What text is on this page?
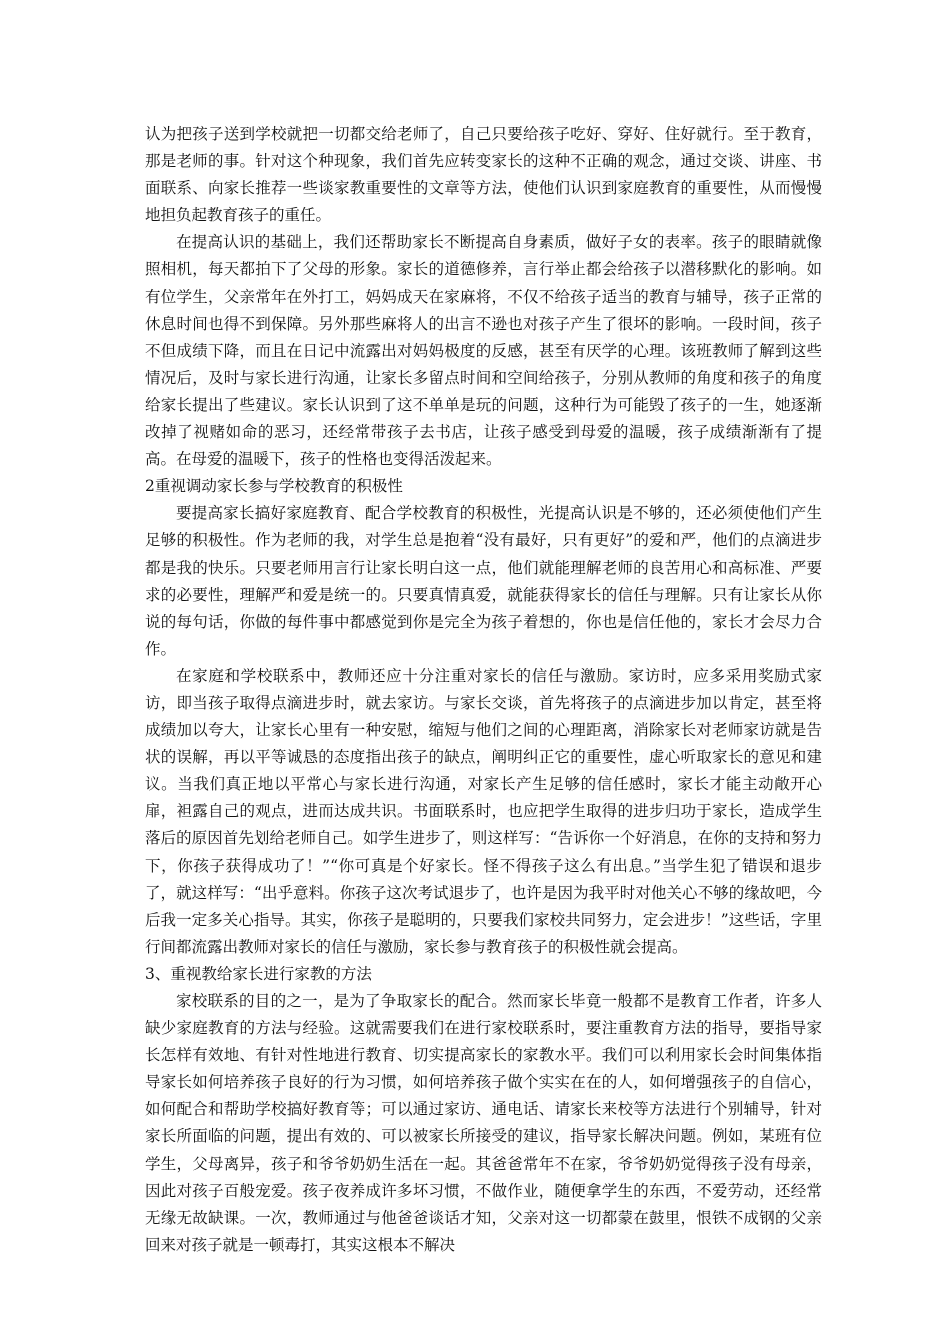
认为把孩子送到学校就把一切都交给老师了，自己只要给孩子吃好、穿好、住好就行。至于教育，那是老师的事。针对这个种现象，我们首先应转变家长的这种不正确的观念，通过交谈、讲座、书面联系、向家长推荐一些谈家教重要性的文章等方法，使他们认识到家庭教育的重要性，从而慢慢地担负起教育孩子的重任。

在提高认识的基础上，我们还帮助家长不断提高自身素质，做好子女的表率。孩子的眼睛就像照相机，每天都拍下了父母的形象。家长的道德修养，言行举止都会给孩子以潜移默化的影响。如有位学生，父亲常年在外打工，妈妈成天在家麻将，不仅不给孩子适当的教育与辅导，孩子正常的休息时间也得不到保障。另外那些麻将人的出言不逊也对孩子产生了很坏的影响。一段时间，孩子不但成绩下降，而且在日记中流露出对妈妈极度的反感，甚至有厌学的心理。该班教师了解到这些情况后，及时与家长进行沟通，让家长多留点时间和空间给孩子，分别从教师的角度和孩子的角度给家长提出了些建议。家长认识到了这不单单是玩的问题，这种行为可能毁了孩子的一生，她逐渐改掉了视赌如命的恶习，还经常带孩子去书店，让孩子感受到母爱的温暖，孩子成绩渐渐有了提高。在母爱的温暖下，孩子的性格也变得活泼起来。

2重视调动家长参与学校教育的积极性

要提高家长搞好家庭教育、配合学校教育的积极性，光提高认识是不够的，还必须使他们产生足够的积极性。作为老师的我，对学生总是抱着“没有最好，只有更好”的爱和严，他们的点滴进步都是我的快乐。只要老师用言行让家长明白这一点，他们就能理解老师的良苦用心和高标准、严要求的必要性，理解严和爱是统一的。只要真情真爱，就能获得家长的信任与理解。只有让家长从你说的每句话，你做的每件事中都感觉到你是完全为孩子着想的，你也是信任他的，家长才会尽力合作。

在家庭和学校联系中，教师还应十分注重对家长的信任与激励。家访时，应多采用奖励式家访，即当孩子取得点滴进步时，就去家访。与家长交谈，首先将孩子的点滴进步加以肯定，甚至将成绩加以夸大，让家长心里有一种安慰，缩短与他们之间的心理距离，消除家长对老师家访就是告状的误解，再以平等诚恳的态度指出孩子的缺点，阐明纠正它的重要性，虚心听取家长的意见和建议。当我们真正地以平常心与家长进行沟通，对家长产生足够的信任感时，家长才能主动敞开心扉，袒露自己的观点，进而达成共识。书面联系时，也应把学生取得的进步归功于家长，造成学生落后的原因首先划给老师自己。如学生进步了，则这样写：“告诉你一个好消息，在你的支持和努力下，你孩子获得成功了！”“你可真是个好家长。怪不得孩子这么有出息。”当学生犯了错误和退步了，就这样写：“出乎意料。你孩子这次考试退步了，也许是因为我平时对他关心不够的缘故吧，今后我一定多关心指导。其实，你孩子是聪明的，只要我们家校共同努力，定会进步！”这些话，字里行间都流露出教师对家长的信任与激励，家长参与教育孩子的积极性就会提高。

3、重视教给家长进行家教的方法

家校联系的目的之一，是为了争取家长的配合。然而家长毕竟一般都不是教育工作者，许多人缺少家庭教育的方法与经验。这就需要我们在进行家校联系时，要注重教育方法的指导，要指导家长怎样有效地、有针对性地进行教育、切实提高家长的家教水平。我们可以利用家长会时间集体指导家长如何培养孩子良好的行为习惯，如何培养孩子做个实实在在的人，如何增强孩子的自信心，如何配合和帮助学校搞好教育等；可以通过家访、通电话、请家长来校等方法进行个别辅导，针对家长所面临的问题，提出有效的、可以被家长所接受的建议，指导家长解决问题。例如，某班有位学生，父母离异，孩子和爷爷奶奶生活在一起。其爸爸常年不在家，爷爷奶奶觉得孩子没有母亲，因此对孩子百般宠爱。孩子夜养成许多坏习惯，不做作业，随便拿学生的东西，不爱劳动，还经常无缘无故缺课。一次，教师通过与他爸爸谈话才知，父亲对这一切都蒙在鼓里，恨铁不成钢的父亲回来对孩子就是一顿毒打，其实这根本不解决
